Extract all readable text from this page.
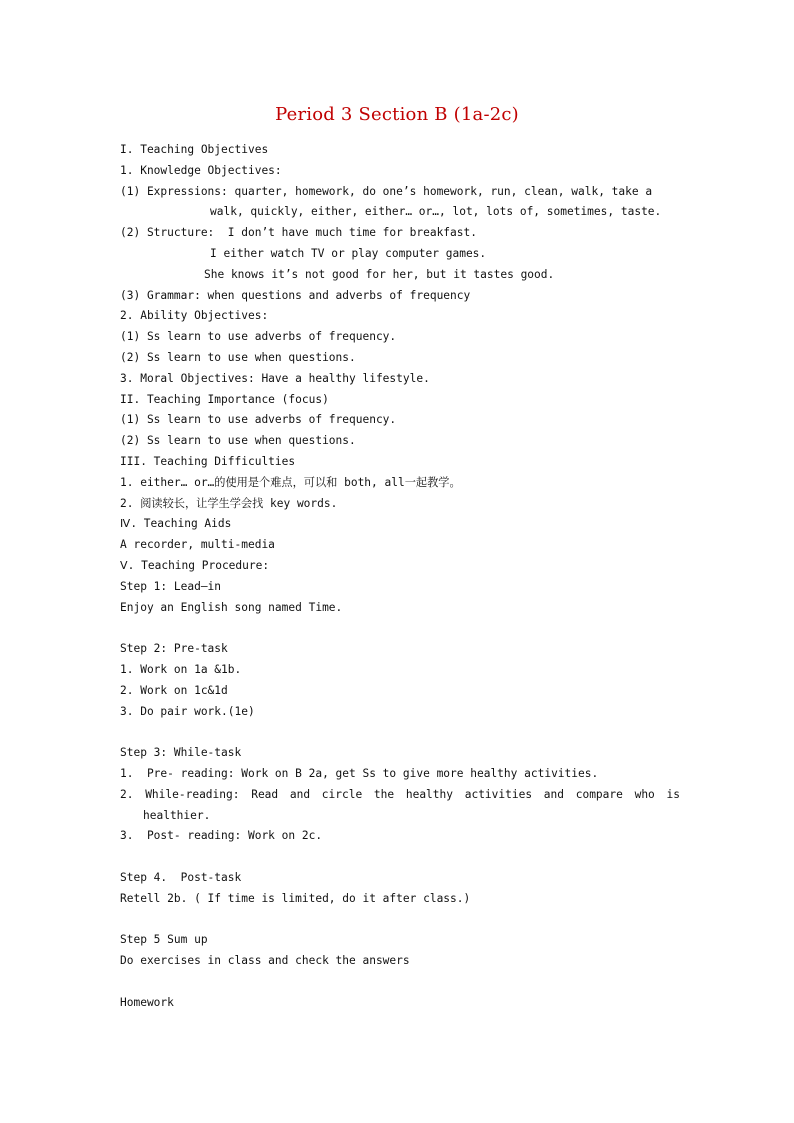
Period 3 Section B (1a-2c)
I. Teaching Objectives
1. Knowledge Objectives:
(1) Expressions: quarter, homework, do one’s homework, run, clean, walk, take a
walk, quickly, either, either… or…, lot, lots of, sometimes, taste.
(2) Structure:  I don’t have much time for breakfast.
I either watch TV or play computer games.
She knows it’s not good for her, but it tastes good.
(3) Grammar: when questions and adverbs of frequency
2. Ability Objectives:
(1) Ss learn to use adverbs of frequency.
(2) Ss learn to use when questions.
3. Moral Objectives: Have a healthy lifestyle.
II. Teaching Importance (focus)
(1) Ss learn to use adverbs of frequency.
(2) Ss learn to use when questions.
III. Teaching Difficulties
1. either… or…的使用是个难点，可以和 both, all一起教学。
2. 阅读较长，让学生学会找 key words.
Ⅳ. Teaching Aids
A recorder, multi-media
Ⅴ. Teaching Procedure:
Step 1: Lead—in
Enjoy an English song named Time.
Step 2: Pre-task
1. Work on 1a &1b.
2. Work on 1c&1d
3. Do pair work.(1e)
Step 3: While-task
1.  Pre- reading: Work on B 2a, get Ss to give more healthy activities.
2. While-reading: Read and circle the healthy activities and compare who is healthier.
3.  Post- reading: Work on 2c.
Step 4.  Post-task
Retell 2b. ( If time is limited, do it after class.)
Step 5 Sum up
Do exercises in class and check the answers
Homework
